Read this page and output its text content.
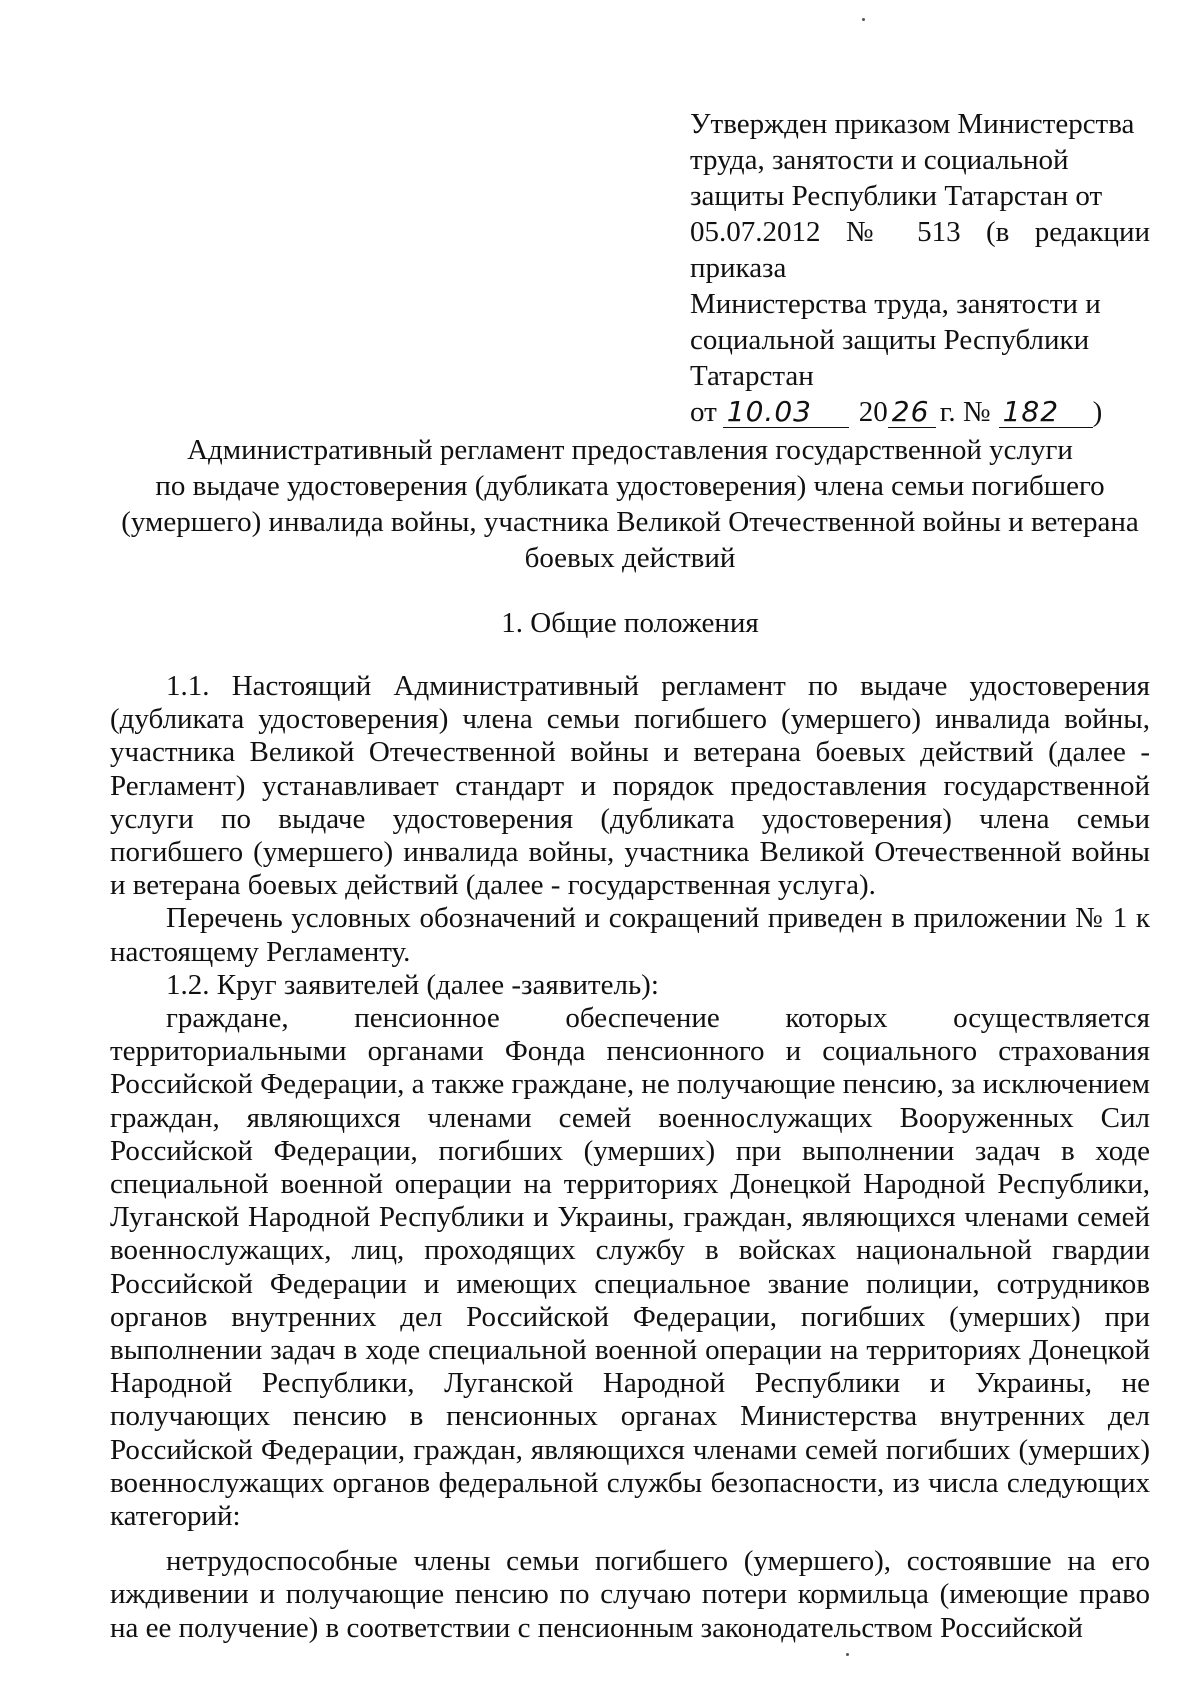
Утвержден приказом Министерства
труда, занятости и социальной
защиты Республики Татарстан от
05.07.2012 № 513 (в редакции приказа
Министерства труда, занятости и
социальной защиты Республики
Татарстан
от 10.03	20 26 г. № 182	)
Административный регламент предоставления государственной услуги
по выдаче удостоверения (дубликата удостоверения) члена семьи погибшего
(умершего) инвалида войны, участника Великой Отечественной войны и ветерана
боевых действий
1. Общие положения

1.1. Настоящий Административный регламент по выдаче удостоверения (дубликата удостоверения) члена семьи погибшего (умершего) инвалида войны, участника Великой Отечественной войны и ветерана боевых действий (далее - Регламент) устанавливает стандарт и порядок предоставления государственной услуги по выдаче удостоверения (дубликата удостоверения) члена семьи погибшего (умершего) инвалида войны, участника Великой Отечественной войны и ветерана боевых действий (далее - государственная услуга).

Перечень условных обозначений и сокращений приведен в приложении № 1 к настоящему Регламенту.

1.2. Круг заявителей (далее -заявитель):

граждане, пенсионное обеспечение которых осуществляется территориальными органами Фонда пенсионного и социального страхования Российской Федерации, а также граждане, не получающие пенсию, за исключением граждан, являющихся членами семей военнослужащих Вооруженных Сил Российской Федерации, погибших (умерших) при выполнении задач в ходе специальной военной операции на территориях Донецкой Народной Республики, Луганской Народной Республики и Украины, граждан, являющихся членами семей военнослужащих, лиц, проходящих службу в войсках национальной гвардии Российской Федерации и имеющих специальное звание полиции, сотрудников органов внутренних дел Российской Федерации, погибших (умерших) при выполнении задач в ходе специальной военной операции на территориях Донецкой Народной Республики, Луганской Народной Республики и Украины, не получающих пенсию в пенсионных органах Министерства внутренних дел Российской Федерации, граждан, являющихся членами семей погибших (умерших) военнослужащих органов федеральной службы безопасности, из числа следующих категорий:

нетрудоспособные члены семьи погибшего (умершего), состоявшие на его иждивении и получающие пенсию по случаю потери кормильца (имеющие право на ее получение) в соответствии с пенсионным законодательством Российской
